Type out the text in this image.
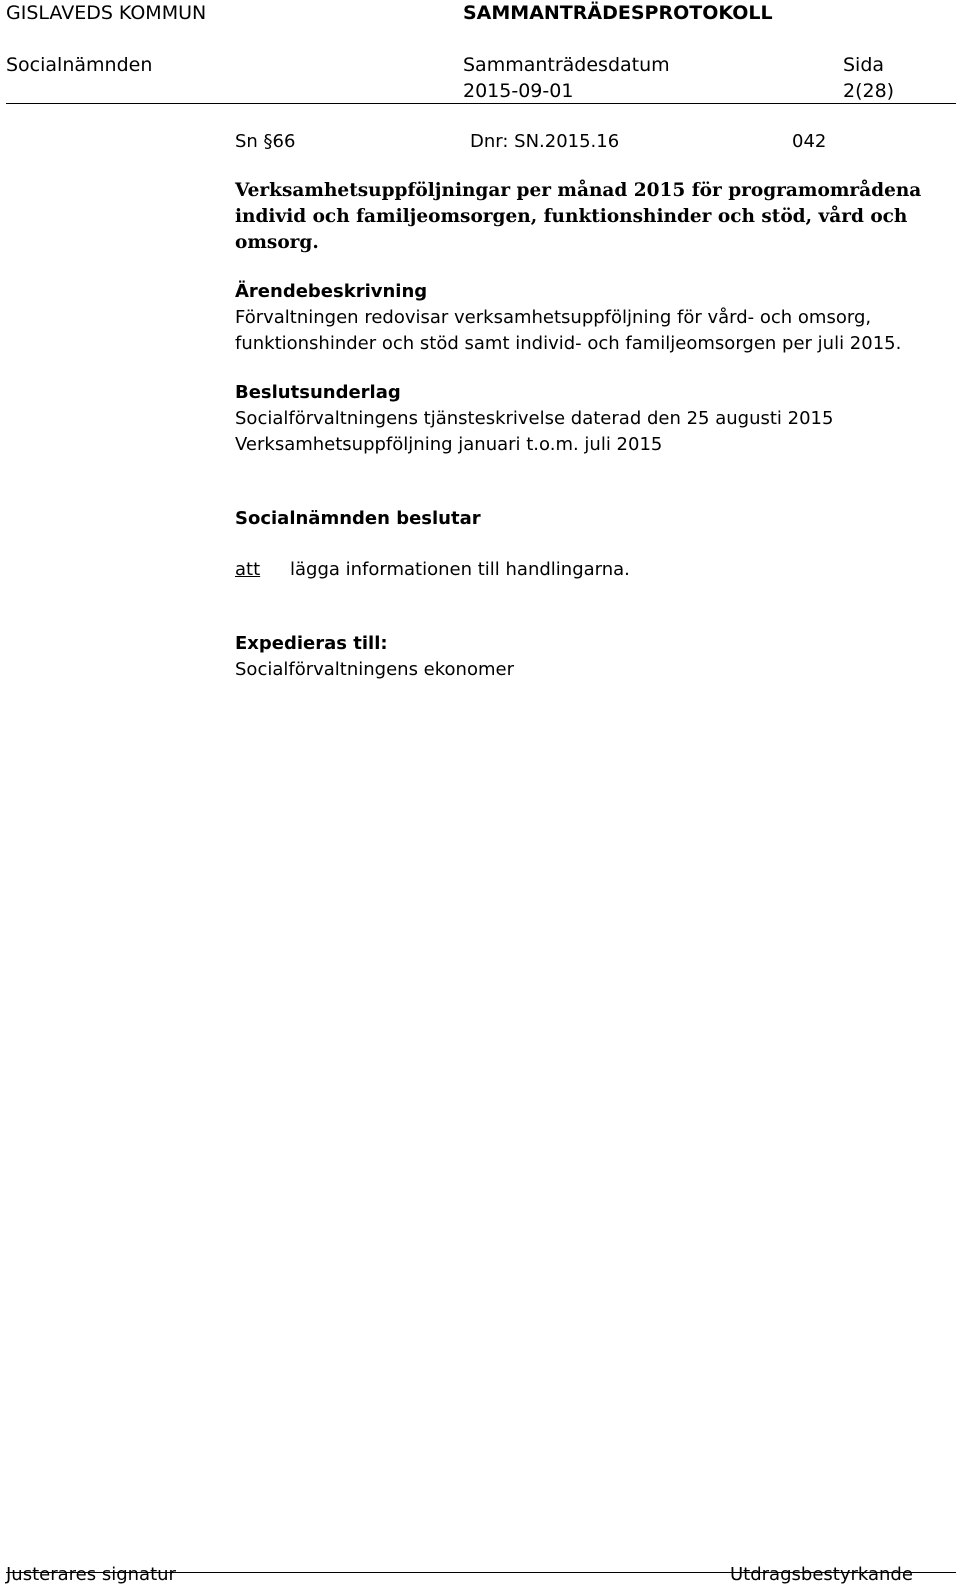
GISLAVEDS KOMMUN	SAMMANTRÄDESPROTOKOLL
Socialnämnden	Sammanträdesdatum
2015-09-01
Sida
2(28)
Sn §66	Dnr: SN.2015.16	042
Verksamhetsuppföljningar per månad 2015 för programområdena
individ och familjeomsorgen, funktionshinder och stöd, vård och
omsorg.
Ärendebeskrivning
Förvaltningen redovisar verksamhetsuppföljning för vård- och omsorg,
funktionshinder och stöd samt individ- och familjeomsorgen per juli 2015.
Beslutsunderlag
Socialförvaltningens tjänsteskrivelse daterad den 25 augusti 2015
Verksamhetsuppföljning januari t.o.m. juli 2015
Socialnämnden beslutar
att lägga informationen till handlingarna.
Expedieras till:
Socialförvaltningens ekonomer
Justerares signatur	Utdragsbestyrkande
